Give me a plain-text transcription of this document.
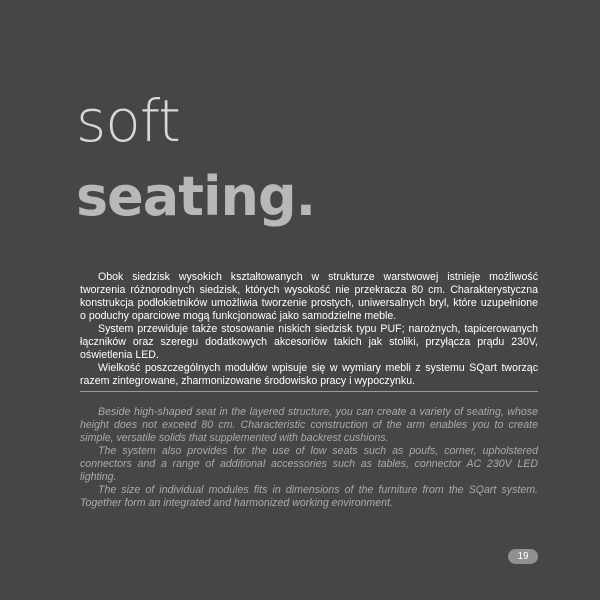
soft
seating.

Obok siedzisk wysokich kształtowanych w strukturze warstwowej istnieje możliwość tworzenia różnorodnych siedzisk, których wysokość nie przekracza 80 cm. Charakterystyczna konstrukcja podłokietników umożliwia tworzenie prostych, uniwersalnych bryl, które uzupełnione o poduchy oparciowe mogą funkcjonować jako samodzielne meble.

System przewiduje także stosowanie niskich siedzisk typu PUF; narożnych, tapicerowanych łączników oraz szeregu dodatkowych akcesoriów takich jak stoliki, przyłącza prądu 230V, oświetlenia LED.

Wielkość poszczególnych modułów wpisuje się w wymiary mebli z systemu SQart tworząc razem zintegrowane, zharmonizowane środowisko pracy i wypoczynku.

Beside high-shaped seat in the layered structure, you can create a variety of seating, whose height does not exceed 80 cm. Characteristic construction of the arm enables you to create simple, versatile solids that supplemented with backrest cushions.

The system also provides for the use of low seats such as poufs, corner, upholstered connectors and a range of additional accessories such as tables, connector AC 230V LED lighting.

The size of individual modules fits in dimensions of the furniture from the SQart system. Together form an integrated and harmonized working environment.

19
